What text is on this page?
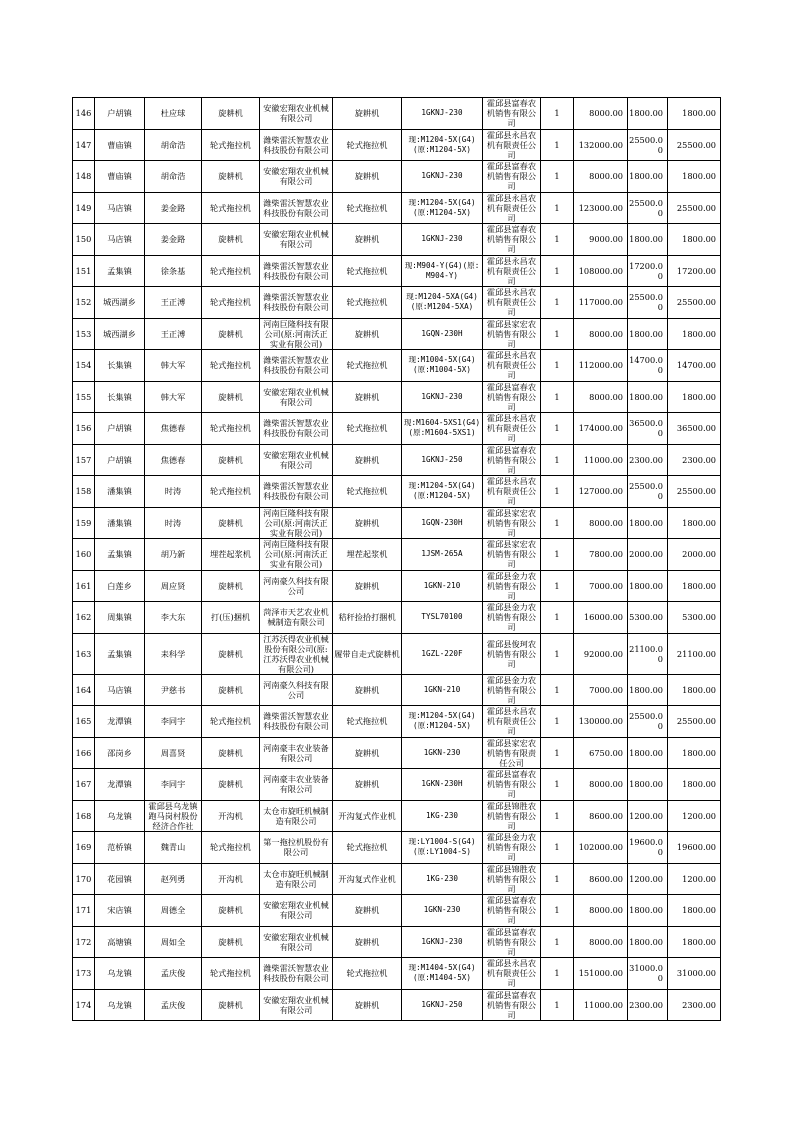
146	户胡镇	杜应球	旋耕机	安徽宏翔农业机械有限公司	旋耕机	1GKNJ-230	霍邱县富春农机销售有限公司	1	8000.00	1800.00	1800.00
147	曹庙镇	胡命浩	轮式拖拉机	潍柴雷沃智慧农业科技股份有限公司	轮式拖拉机	现:M1204-5X(G4)(原:M1204-5X)	霍邱县永昌农机有限责任公司	1	132000.00	25500.00	25500.00
148	曹庙镇	胡命浩	旋耕机	安徽宏翔农业机械有限公司	旋耕机	1GKNJ-230	霍邱县富春农机销售有限公司	1	8000.00	1800.00	1800.00
149	马店镇	姜金路	轮式拖拉机	潍柴雷沃智慧农业科技股份有限公司	轮式拖拉机	现:M1204-5X(G4)(原:M1204-5X)	霍邱县永昌农机有限责任公司	1	123000.00	25500.00	25500.00
150	马店镇	姜金路	旋耕机	安徽宏翔农业机械有限公司	旋耕机	1GKNJ-230	霍邱县富春农机销售有限公司	1	9000.00	1800.00	1800.00
151	孟集镇	徐条基	轮式拖拉机	潍柴雷沃智慧农业科技股份有限公司	轮式拖拉机	现:M904-Y(G4)(原:M904-Y)	霍邱县永昌农机有限责任公司	1	108000.00	17200.00	17200.00
152	城西湖乡	王正溥	轮式拖拉机	潍柴雷沃智慧农业科技股份有限公司	轮式拖拉机	现:M1204-5XA(G4)(原:M1204-5XA)	霍邱县永昌农机有限责任公司	1	117000.00	25500.00	25500.00
153	城西湖乡	王正溥	旋耕机	河南巨隆科技有限公司(原:河南沃正实业有限公司)	旋耕机	1GQN-230H	霍邱县家宏农机销售有限公司	1	8000.00	1800.00	1800.00
154	长集镇	韩大军	轮式拖拉机	潍柴雷沃智慧农业科技股份有限公司	轮式拖拉机	现:M1004-5X(G4)(原:M1004-5X)	霍邱县永昌农机有限责任公司	1	112000.00	14700.00	14700.00
155	长集镇	韩大军	旋耕机	安徽宏翔农业机械有限公司	旋耕机	1GKNJ-230	霍邱县富春农机销售有限公司	1	8000.00	1800.00	1800.00
156	户胡镇	焦德春	轮式拖拉机	潍柴雷沃智慧农业科技股份有限公司	轮式拖拉机	现:M1604-5XS1(G4)(原:M1604-5XS1)	霍邱县永昌农机有限责任公司	1	174000.00	36500.00	36500.00
157	户胡镇	焦德春	旋耕机	安徽宏翔农业机械有限公司	旋耕机	1GKNJ-250	霍邱县富春农机销售有限公司	1	11000.00	2300.00	2300.00
158	潘集镇	时涛	轮式拖拉机	潍柴雷沃智慧农业科技股份有限公司	轮式拖拉机	现:M1204-5X(G4)(原:M1204-5X)	霍邱县永昌农机有限责任公司	1	127000.00	25500.00	25500.00
159	潘集镇	时涛	旋耕机	河南巨隆科技有限公司(原:河南沃正实业有限公司)	旋耕机	1GQN-230H	霍邱县家宏农机销售有限公司	1	8000.00	1800.00	1800.00
160	孟集镇	胡乃新	埋茬起浆机	河南巨隆科技有限公司(原:河南沃正实业有限公司)	埋茬起浆机	1JSM-265A	霍邱县家宏农机销售有限公司	1	7800.00	2000.00	2000.00
161	白莲乡	周应贤	旋耕机	河南豪久科技有限公司	旋耕机	1GKN-210	霍邱县金力农机销售有限公司	1	7000.00	1800.00	1800.00
162	周集镇	李大东	打(压)捆机	菏泽市天艺农业机械制造有限公司	秸秆捡拾打捆机	TYSL70100	霍邱县金力农机销售有限公司	1	16000.00	5300.00	5300.00
163	孟集镇	耒科学	旋耕机	江苏沃得农业机械股份有限公司(原:江苏沃得农业机械有限公司)	履带自走式旋耕机	1GZL-220F	霍邱县俊珂农机销售有限公司	1	92000.00	21100.00	21100.00
164	马店镇	尹慈书	旋耕机	河南豪久科技有限公司	旋耕机	1GKN-210	霍邱县金力农机销售有限公司	1	7000.00	1800.00	1800.00
165	龙潭镇	李同宇	轮式拖拉机	潍柴雷沃智慧农业科技股份有限公司	轮式拖拉机	现:M1204-5X(G4)(原:M1204-5X)	霍邱县永昌农机有限责任公司	1	130000.00	25500.00	25500.00
166	邵岗乡	周喜贤	旋耕机	河南豪丰农业装备有限公司	旋耕机	1GKN-230	霍邱县家宏农机销售有限责任公司	1	6750.00	1800.00	1800.00
167	龙潭镇	李同宇	旋耕机	河南豪丰农业装备有限公司	旋耕机	1GKN-230H	霍邱县富春农机销售有限公司	1	8000.00	1800.00	1800.00
168	乌龙镇	霍邱县乌龙镇跑马岗村股份经济合作社	开沟机	太仓市旋旺机械制造有限公司	开沟复式作业机	1KG-230	霍邱县锦胜农机销售有限公司	1	8600.00	1200.00	1200.00
169	范桥镇	魏青山	轮式拖拉机	第一拖拉机股份有限公司	轮式拖拉机	现:LY1004-S(G4)(原:LY1004-S)	霍邱县金力农机销售有限公司	1	102000.00	19600.00	19600.00
170	花园镇	赵列勇	开沟机	太仓市旋旺机械制造有限公司	开沟复式作业机	1KG-230	霍邱县锦胜农机销售有限公司	1	8600.00	1200.00	1200.00
171	宋店镇	周德全	旋耕机	安徽宏翔农业机械有限公司	旋耕机	1GKN-230	霍邱县富春农机销售有限公司	1	8000.00	1800.00	1800.00
172	高塘镇	周如全	旋耕机	安徽宏翔农业机械有限公司	旋耕机	1GKNJ-230	霍邱县富春农机销售有限公司	1	8000.00	1800.00	1800.00
173	乌龙镇	孟庆俊	轮式拖拉机	潍柴雷沃智慧农业科技股份有限公司	轮式拖拉机	现:M1404-5X(G4)(原:M1404-5X)	霍邱县永昌农机有限责任公司	1	151000.00	31000.00	31000.00
174	乌龙镇	孟庆俊	旋耕机	安徽宏翔农业机械有限公司	旋耕机	1GKNJ-250	霍邱县富春农机销售有限公司	1	11000.00	2300.00	2300.00
